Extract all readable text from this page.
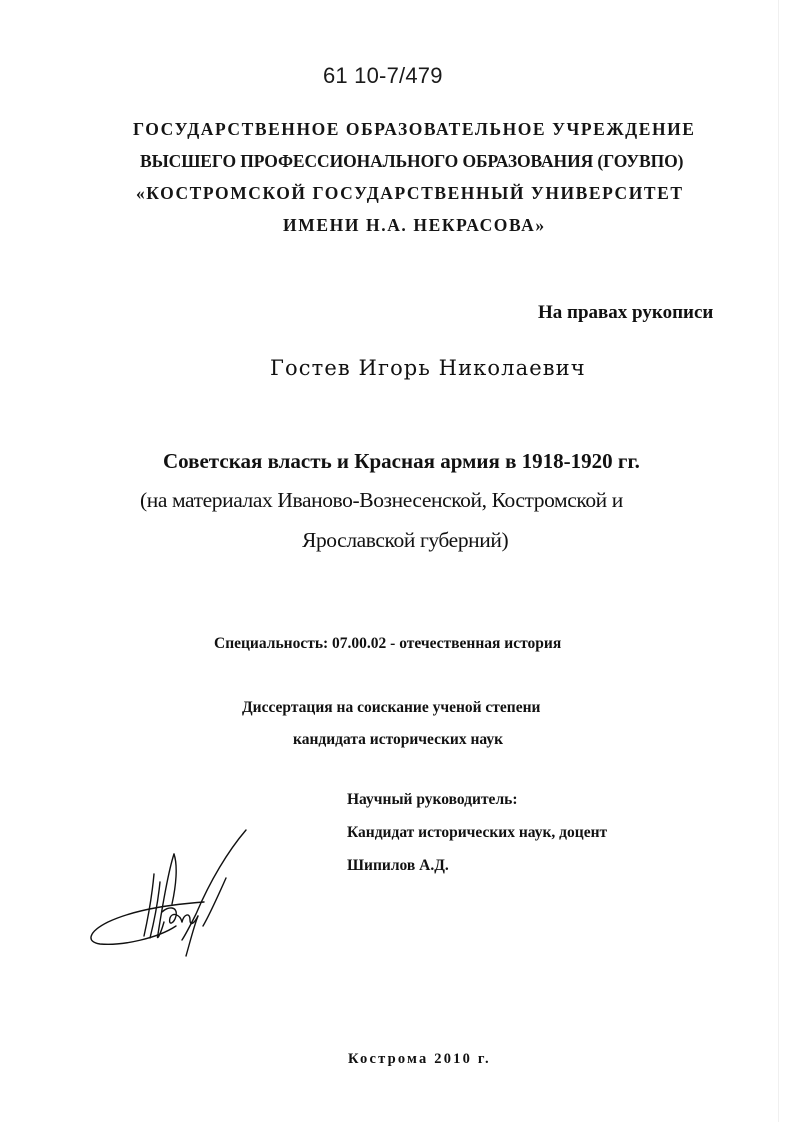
61 10-7/479
ГОСУДАРСТВЕННОЕ ОБРАЗОВАТЕЛЬНОЕ УЧРЕЖДЕНИЕ
ВЫСШЕГО ПРОФЕССИОНАЛЬНОГО ОБРАЗОВАНИЯ (ГОУВПО)
«КОСТРОМСКОЙ ГОСУДАРСТВЕННЫЙ УНИВЕРСИТЕТ
ИМЕНИ Н.А. НЕКРАСОВА»
На правах рукописи
Гостев Игорь Николаевич
Советская власть и Красная армия в 1918-1920 гг.
(на материалах Иваново-Вознесенской, Костромской и
Ярославской губерний)
Специальность: 07.00.02 - отечественная история
Диссертация на соискание ученой степени
кандидата исторических наук
Научный руководитель:
Кандидат исторических наук, доцент
Шипилов А.Д.
Кострома 2010 г.
